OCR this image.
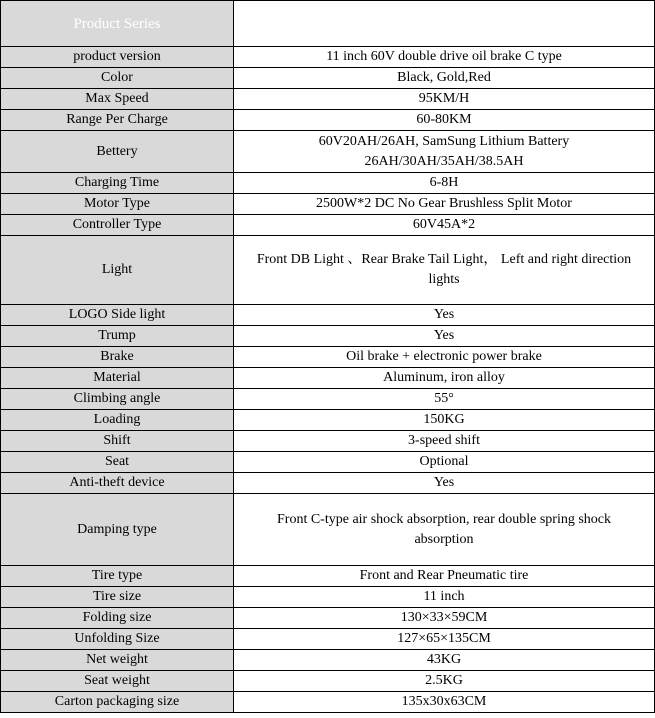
Product Series	X Double Drive
product version	11 inch 60V double drive oil brake C type
Color	Black, Gold,Red
Max Speed	95KM/H
Range Per Charge	60-80KM
Bettery	60V20AH/26AH, SamSung Lithium Battery
26AH/30AH/35AH/38.5AH
Charging Time	6-8H
Motor Type	2500W*2 DC No Gear Brushless Split Motor
Controller Type	60V45A*2
Light	Front DB Light 、Rear Brake Tail Light， Left and right direction lights
LOGO Side light	Yes
Trump	Yes
Brake	Oil brake + electronic power brake
Material	Aluminum, iron alloy
Climbing angle	55°
Loading	150KG
Shift	3-speed shift
Seat	Optional
Anti-theft device	Yes
Damping type	Front C-type air shock absorption, rear double spring shock absorption
Tire type	Front and Rear Pneumatic tire
Tire size	11 inch
Folding size	130×33×59CM
Unfolding Size	127×65×135CM
Net weight	43KG
Seat weight	2.5KG
Carton packaging size	135x30x63CM
